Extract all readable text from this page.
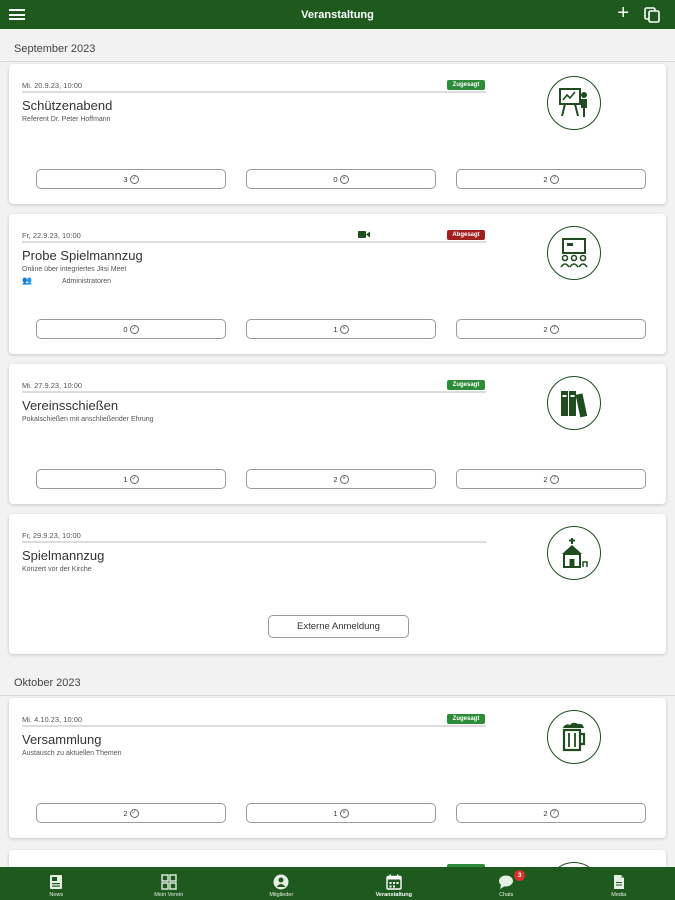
Veranstaltung	+
September 2023
Mi. 20.9.23, 10:00	Zugesagt
Schützenabend
Referent Dr. Peter Hoffmann
3 ✓	0 ×	2 ?
Fr, 22.9.23, 10:00	Abgesagt
Probe Spielmannzug
Online über integriertes Jitsi Meet
👥	Administratoren
0 ✓	1 ×	2 ?
Mi. 27.9.23, 10:00	Zugesagt
Vereinsschießen
Pokalschießen mit anschließender Ehrung
1 ✓	2 ×	2 ?
Fr, 29.9.23, 10:00
Spielmannzug
Konzert vor der Kirche
Externe Anmeldung
Oktober 2023
Mi. 4.10.23, 10:00	Zugesagt
Versammlung
Austausch zu aktuellen Themen
2 ✓	1 ×	2 ?
News	Mein Verein	Mitglieder	Veranstaltung
3
Chats	Media
